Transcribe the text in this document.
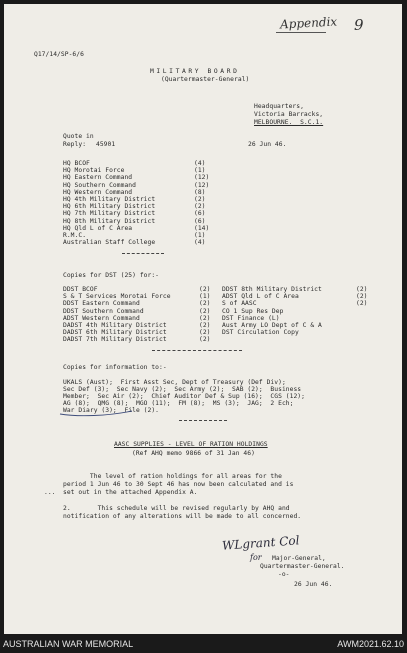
Appendix 9
Q17/14/SP-6/6
MILITARY BOARD
(Quartermaster-General)
Headquarters,
Victoria Barracks,
MELBOURNE.  S.C.1.
Quote in
Reply: 45901	26 Jun 46.
HQ BCOF	(4)
HQ Morotai Force	(1)
HQ Eastern Command	(12)
HQ Southern Command	(12)
HQ Western Command	(8)
HQ 4th Military District	(2)
HQ 6th Military District	(2)
HQ 7th Military District	(6)
HQ 8th Military District	(6)
HQ Qld L of C Area	(14)
R.M.C.	(1)
Australian Staff College	(4)
Copies for DST (25) for:-
DDST BCOF	(2)
S & T Services Morotai Force	(1)
DDST Eastern Command	(2)
DDST Southern Command	(2)
ADST Western Command	(2)
DADST 4th Military District	(2)
DADST 6th Military District	(2)
DADST 7th Military District	(2)
DDST 8th Military District	(2)
ADST Qld L of C Area	(2)
S of AASC	(2)
CO 1 Sup Res Dep
DST Finance (L)
Aust Army LO Dept of C & A
DST Circulation Copy
Copies for information to:-
UKALS (Aust);  First Asst Sec, Dept of Treasury (Def Div);
Sec Def (3);  Sec Navy (2);  Sec Army (2);  SAB (2);  Business
Member;  Sec Air (2);  Chief Auditor Def & Sup (16);  CGS (12);
AG (8);  QMG (8);  MGO (11);  FM (8);  MS (3);  JAG;  2 Ech;
War Diary (3);  File (2).
AASC SUPPLIES - LEVEL OF RATION HOLDINGS
(Ref AHQ memo 9866 of 31 Jan 46)
The level of ration holdings for all areas for the
period 1 Jun 46 to 30 Sept 46 has now been calculated and is
... set out in the attached Appendix A.
2.       This schedule will be revised regularly by AHQ and
notification of any alterations will be made to all concerned.
WLgrant Col
for Major-General,
Quartermaster-General.
-o-
26 Jun 46.
AUSTRALIAN WAR MEMORIAL	AWM2021.62.10
